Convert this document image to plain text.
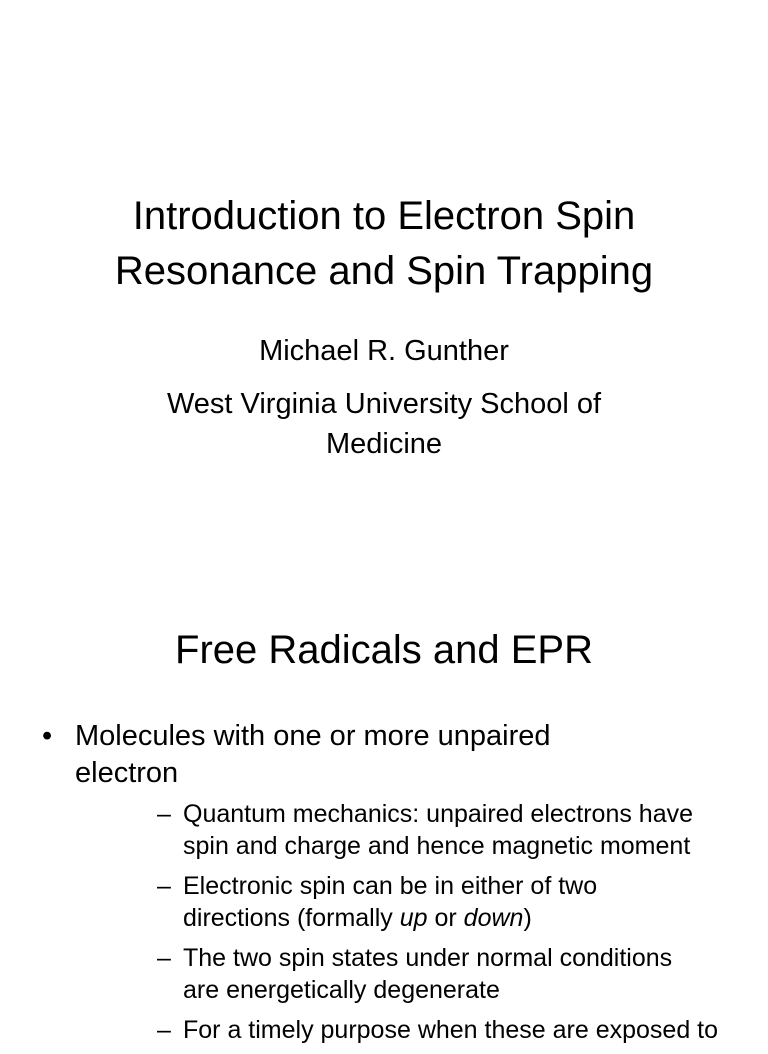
Introduction to Electron Spin
Resonance and Spin Trapping

Michael R. Gunther

West Virginia University School of
Medicine

Free Radicals and EPR
• Molecules with one or more unpaired
electron
– Quantum mechanics: unpaired electrons have
spin and charge and hence magnetic moment
– Electronic spin can be in either of two
directions (formally up or down)
– The two spin states under normal conditions
are energetically degenerate
– For a timely purpose when these are exposed to
